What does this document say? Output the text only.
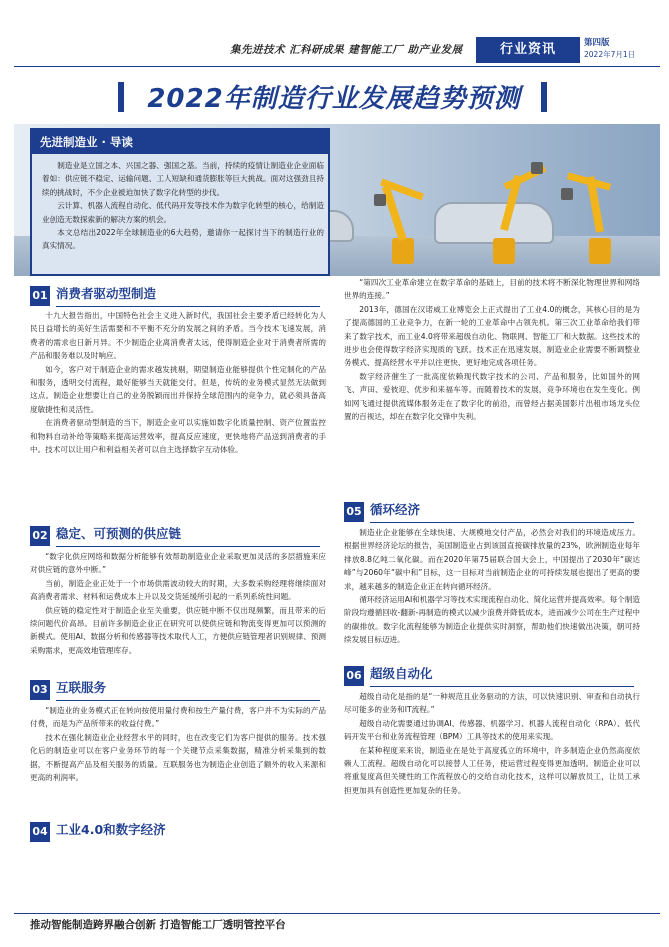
集先进技术 汇科研成果 建智能工厂 助产业发展	行业资讯	第四版
2022年7月1日
2022年制造行业发展趋势预测
先进制造业 · 导读

制造业是立国之本、兴国之器、强国之基。当前，持续的疫情让制造业企业面临着如：供应链不稳定、运输问题、工人短缺和通货膨胀等巨大挑战。面对这强劲且持续的挑战时，不少企业被迫加快了数字化转型的步伐。

云计算、机器人流程自动化、低代码开发等技术作为数字化转型的核心，给制造业创造无数探索新的解决方案的机会。

本文总结出2022年全球制造业的6大趋势，邀请你一起探讨当下的制造行业的真实情况。

01 消费者驱动型制造

十九大报告指出，中国特色社会主义进入新时代，我国社会主要矛盾已经转化为人民日益增长的美好生活需要和不平衡不充分的发展之间的矛盾。当今技术飞速发展，消费者的需求也日新月异。不少制造企业离消费者太远，使得制造企业对于消费者所需的产品和服务难以及时响应。

如今，客户对于制造企业的需求越发挑剔，期望制造业能够提供个性定制化的产品和服务，透明交付流程，最好能够当天就能交付。但是，传统的业务模式显然无法做到这点。制造企业想要让自己的业务脱颖而出并保持全球范围内的竞争力，就必须具备高度敏捷性和灵活性。

在消费者驱动型制造的当下，制造企业可以实施如数字化质量控制、资产位置监控和物料自动补给等策略来提高运营效率，提高反应速度，更快地将产品送到消费者的手中。技术可以让用户和利益相关者可以自主选择数字互动体验。

02 稳定、可预测的供应链

“数字化供应网络和数据分析能够有效帮助制造业企业采取更加灵活的多层措施来应对供应链的意外中断。”

当前，制造企业正处于一个市场供需波动较大的时期，大多数采购经理将继续面对高消费者需求、材料和运费成本上升以及交货延缓所引起的一系列系统性问题。

供应链的稳定性对于制造企业至关重要，供应链中断不仅出现频繁，而且带来的后续问题代价高昂。目前许多制造企业正在研究可以使供应链和物流变得更加可以预测的新模式。使用AI、数据分析和传感器等技术取代人工，方便供应链管理者识别规律、预测采购需求，更高效地管理库存。

03 互联服务

“制造业的业务模式正在转向按使用量付费和按生产量付费，客户并不为实际的产品付费，而是为产品所带来的收益付费。”

技术在强化制造业企业经营水平的同时，也在改变它们为客户提供的服务。技术强化后的制造业可以在客户业务环节的每一个关键节点采集数据，精准分析采集到的数据，不断提高产品及相关服务的质量。互联服务也为制造企业创造了额外的收入来源和更高的利润率。

04 工业4.0和数字经济

“第四次工业革命建立在数字革命的基础上，目前的技术将不断深化物理世界和网络世界的连接。”

2013年，德国在汉诺威工业博览会上正式提出了工业4.0的概念，其核心目的是为了提高德国的工业竞争力，在新一轮的工业革命中占领先机。第三次工业革命给我们带来了数字技术，而工业4.0将带来超级自动化、物联网、智能工厂和大数据。这些技术的进步也会使得数字经济实现质的飞跃。技术正在迅速发展，制造业企业需要不断调整业务模式、提高经营水平并以往更快、更好地完成各项任务。

数字经济催生了一批高度依赖现代数字技术的公司、产品和服务，比如国外的网飞、声田、爱彼迎、优步和来福车等。而随着技术的发展，竞争环境也在发生变化。例如网飞通过提供流媒体服务走在了数字化的前沿，而曾经占据美国影片出租市场龙头位置的百视达，却在在数字化交锋中失利。

05 循环经济

制造业企业能够在全球快速、大规模地交付产品，必然会对我们的环境造成压力。根据世界经济论坛的报告，美国制造业占到该国直接碳排放量的23%，欧洲制造业每年排放8.8亿吨二氧化碳。而在2020年第75届联合国大会上，中国提出了2030年“碳达峰”与2060年“碳中和”目标，这一目标对当前制造企业的可持续发展也提出了更高的要求，越来越多的制造企业正在转向循环经济。

循环经济运用AI和机器学习等技术实现流程自动化、简化运营并提高效率。每个制造阶段均遵循回收-翻新-再制造的模式以减少浪费并降低成本，进而减少公司在生产过程中的碳排放。数字化流程能够为制造企业提供实时洞察，帮助他们快速做出决策，朝可持续发展目标迈进。

06 超级自动化

超级自动化是指的是“一种规范且业务驱动的方法，可以快速识别、审查和自动执行尽可能多的业务和IT流程。”

超级自动化需要通过协调AI、传感器、机器学习、机器人流程自动化（RPA）、低代码开发平台和业务流程管理（BPM）工具等技术的使用来实现。

在某种程度来来说，制造业在是处于高度孤立的环境中，许多制造企业仍然高度依赖人工流程。超级自动化可以接替人工任务，使运营过程变得更加透明。制造企业可以将重复度高但关键性的工作流程放心的交给自动化技术，这样可以解放员工，让员工承担更加具有创造性更加复杂的任务。

推动智能制造跨界融合创新 打造智能工厂透明管控平台
